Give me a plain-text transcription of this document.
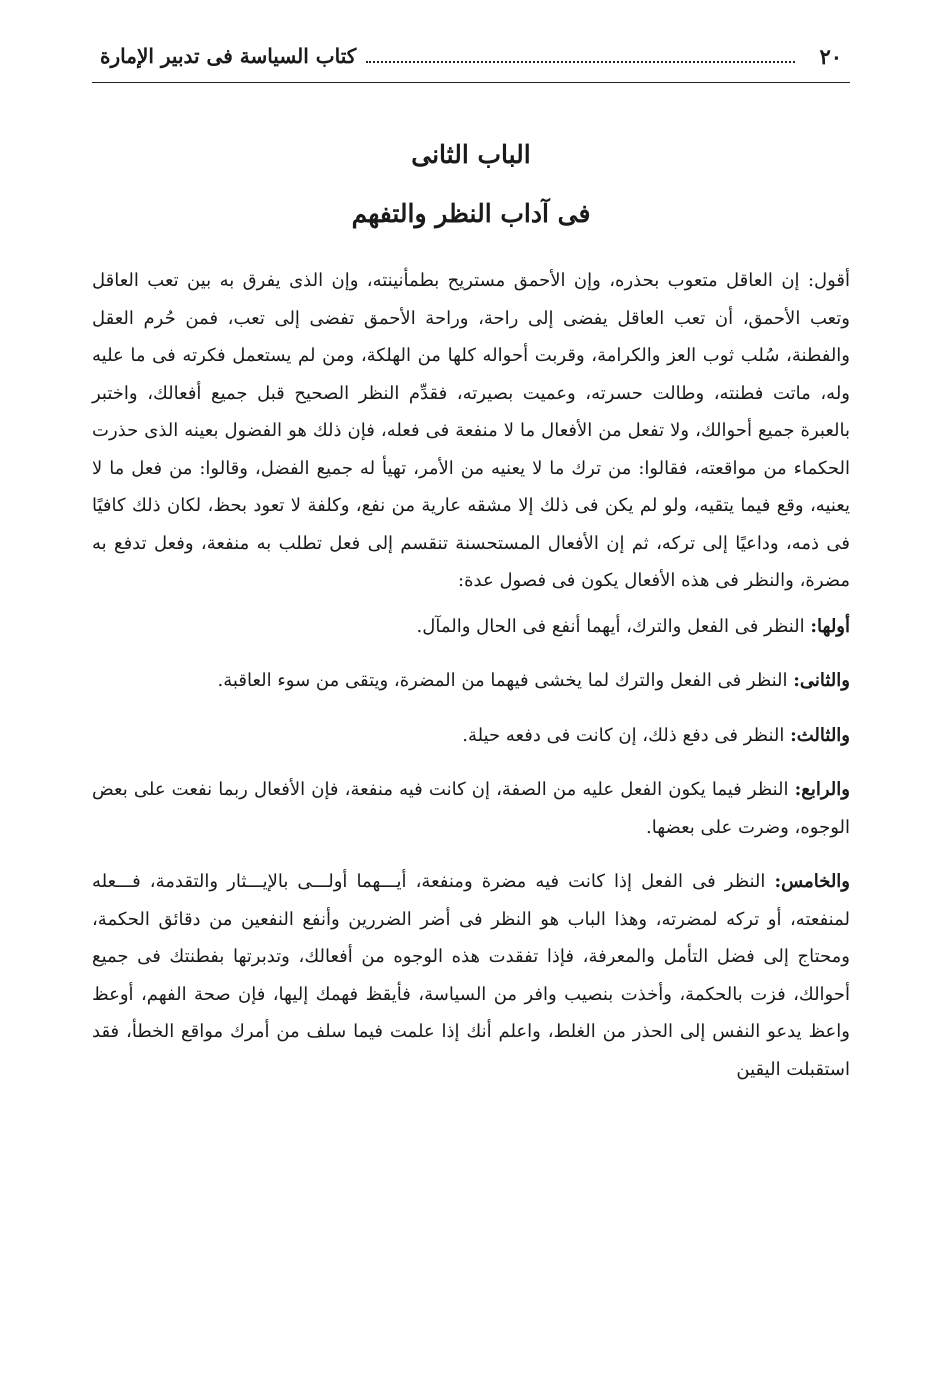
٢٠
كتاب السياسة فى تدبير الإمارة
الباب الثانى
فى آداب النظر والتفهم

أقول: إن العاقل متعوب بحذره، وإن الأحمق مستريح بطمأنينته، وإن الذى يفرق به بين تعب العاقل وتعب الأحمق، أن تعب العاقل يفضى إلى راحة، وراحة الأحمق تفضى إلى تعب، فمن حُرم العقل والفطنة، سُلب ثوب العز والكرامة، وقربت أحواله كلها من الهلكة، ومن لم يستعمل فكرته فى ما عليه وله، ماتت فطنته، وطالت حسرته، وعميت بصيرته، فقدِّم النظر الصحيح قبل جميع أفعالك، واختبر بالعبرة جميع أحوالك، ولا تفعل من الأفعال ما لا منفعة فى فعله، فإن ذلك هو الفضول بعينه الذى حذرت الحكماء من مواقعته، فقالوا: من ترك ما لا يعنيه من الأمر، تهيأ له جميع الفضل، وقالوا: من فعل ما لا يعنيه، وقع فيما يتقيه، ولو لم يكن فى ذلك إلا مشقه عارية من نفع، وكلفة لا تعود بحظ، لكان ذلك كافيًا فى ذمه، وداعيًا إلى تركه، ثم إن الأفعال المستحسنة تنقسم إلى فعل تطلب به منفعة، وفعل تدفع به مضرة، والنظر فى هذه الأفعال يكون فى فصول عدة:

أولها: النظر فى الفعل والترك، أيهما أنفع فى الحال والمآل.

والثانى: النظر فى الفعل والترك لما يخشى فيهما من المضرة، ويتقى من سوء العاقبة.

والثالث: النظر فى دفع ذلك، إن كانت فى دفعه حيلة.

والرابع: النظر فيما يكون الفعل عليه من الصفة، إن كانت فيه منفعة، فإن الأفعال ربما نفعت على بعض الوجوه، وضرت على بعضها.

والخامس: النظر فى الفعل إذا كانت فيه مضرة ومنفعة، أيـــهما أولـــى بالإيـــثار والتقدمة، فـــعله لمنفعته، أو تركه لمضرته، وهذا الباب هو النظر فى أضر الضررين وأنفع النفعين من دقائق الحكمة، ومحتاج إلى فضل التأمل والمعرفة، فإذا تفقدت هذه الوجوه من أفعالك، وتدبرتها بفطنتك فى جميع أحوالك، فزت بالحكمة، وأخذت بنصيب وافر من السياسة، فأيقظ فهمك إليها، فإن صحة الفهم، أوعظ واعظ يدعو النفس إلى الحذر من الغلط، واعلم أنك إذا علمت فيما سلف من أمرك مواقع الخطأ، فقد استقبلت اليقين
